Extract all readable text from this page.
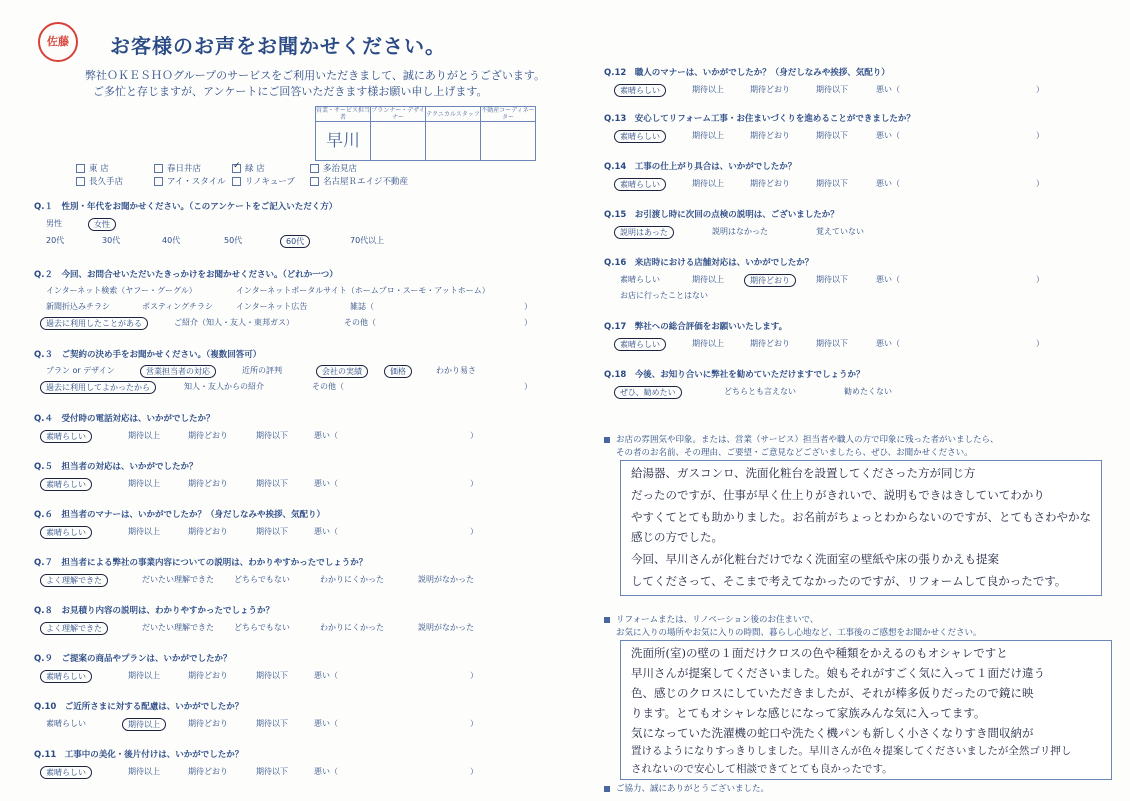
佐藤 お客様のお声をお聞かせください。
弊社ＯＫＥＳＨＯグループのサービスをご利用いただきまして、誠にありがとうございます。
ご多忙と存じますが、アンケートにご回答いただきます様お願い申し上げます。
営業・サービス担当者	プランナー・デザイナー	テクニカルスタッフ	不動産コーディネーター
早川			
東 店	春日井店 ✓	緑 店	多治見店
長久手店	アイ・スタイル	リノキューブ	名古屋Ｒエイジ不動産
Q.１　性別・年代をお聞かせください。（このアンケートをご記入いただく方）
男性	女性
20代	30代	40代	50代	60代	70代以上
Q.２　今回、お問合せいただいたきっかけをお聞かせください。（どれか一つ）
インターネット検索（ヤフー・グーグル）	インターネットポータルサイト（ホームプロ・スーモ・アットホーム）
新聞折込みチラシ	ポスティングチラシ	インターネット広告	雑誌（	）
過去に利用したことがある	ご紹介（知人・友人・東邦ガス）	その他（	）
Q.３　ご契約の決め手をお聞かせください。（複数回答可）
プラン or デザイン	営業担当者の対応	近所の評判	会社の実績	価格	わかり易さ
過去に利用してよかったから	知人・友人からの紹介	その他（	）
Q.４　受付時の電話対応は、いかがでしたか？
素晴らしい	期待以上	期待どおり	期待以下	悪い（	）
Q.５　担当者の対応は、いかがでしたか？
素晴らしい	期待以上	期待どおり	期待以下	悪い（	）
Q.６　担当者のマナーは、いかがでしたか？（身だしなみや挨拶、気配り）
素晴らしい	期待以上	期待どおり	期待以下	悪い（	）
Q.７　担当者による弊社の事業内容についての説明は、わかりやすかったでしょうか？
よく理解できた	だいたい理解できた	どちらでもない	わかりにくかった	説明がなかった
Q.８　お見積り内容の説明は、わかりやすかったでしょうか？
よく理解できた	だいたい理解できた	どちらでもない	わかりにくかった	説明がなかった
Q.９　ご提案の商品やプランは、いかがでしたか？
素晴らしい	期待以上	期待どおり	期待以下	悪い（	）
Q.10　ご近所さまに対する配慮は、いかがでしたか？
素晴らしい	期待以上	期待どおり	期待以下	悪い（	）
Q.11　工事中の美化・後片付けは、いかがでしたか？
素晴らしい	期待以上	期待どおり	期待以下	悪い（	）
Q.12　職人のマナーは、いかがでしたか？（身だしなみや挨拶、気配り）
素晴らしい	期待以上	期待どおり	期待以下	悪い（	）
Q.13　安心してリフォーム工事・お住まいづくりを進めることができましたか？
素晴らしい	期待以上	期待どおり	期待以下	悪い（	）
Q.14　工事の仕上がり具合は、いかがでしたか？
素晴らしい	期待以上	期待どおり	期待以下	悪い（	）
Q.15　お引渡し時に次回の点検の説明は、ございましたか？
説明はあった	説明はなかった	覚えていない
Q.16　来店時における店舗対応は、いかがでしたか？
素晴らしい	期待以上	期待どおり	期待以下	悪い（	）
お店に行ったことはない
Q.17　弊社への総合評価をお願いいたします。
素晴らしい	期待以上	期待どおり	期待以下	悪い（	）
Q.18　今後、お知り合いに弊社を勧めていただけますでしょうか？
ぜひ、勧めたい	どちらとも言えない	勧めたくない
お店の雰囲気や印象。または、営業（サービス）担当者や職人の方で印象に残った者がいましたら、
その者のお名前、その理由、ご要望・ご意見などございましたら、ぜひ、お聞かせください。
給湯器、ガスコンロ、洗面化粧台を設置してくださった方が同じ方
だったのですが、仕事が早く仕上りがきれいで、説明もできはきしていてわかり
やすくてとても助かりました。お名前がちょっとわからないのですが、とてもさわやかな
感じの方でした。
今回、早川さんが化粧台だけでなく洗面室の壁紙や床の張りかえも提案
してくださって、そこまで考えてなかったのですが、リフォームして良かったです。
リフォームまたは、リノベーション後のお住まいで、
お気に入りの場所やお気に入りの時間、暮らし心地など、工事後のご感想をお聞かせください。
洗面所(室)の壁の１面だけクロスの色や種類をかえるのもオシャレですと
早川さんが提案してくださいました。娘もそれがすごく気に入って１面だけ違う
色、感じのクロスにしていただきましたが、それが棒多仮りだったので鏡に映
ります。とてもオシャレな感じになって家族みんな気に入ってます。
気になっていた洗濯機の蛇口や洗たく機パンも新しく小さくなりすき間収納が
置けるようになりすっきりしました。早川さんが色々提案してくださいましたが全然ゴリ押し
されないので安心して相談できてとても良かったです。
ご協力、誠にありがとうございました。
